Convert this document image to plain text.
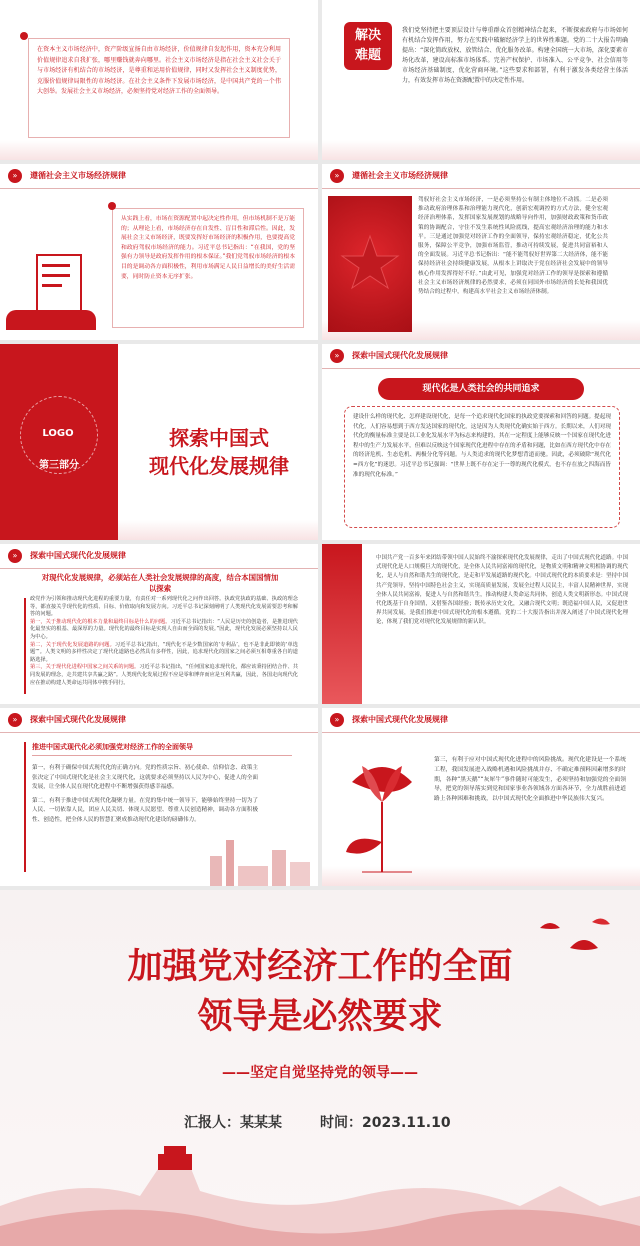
在资本主义市场经济中，资产阶级宣扬自由市场经济，价值规律自发起作用，资本充分利用价值规律追求自我扩张，哪里赚钱就奔向哪里。社会主义市场经济是指在社会主义社会关于与市场经济有机结合的市场经济，是尊重和运用价值规律，同时又发挥社会主义制度优势，克服价值规律局限性的市场经济。在社会主义条件下发展市场经济，是中国共产党的一个伟大创举。发展社会主义市场经济，必须坚持党对经济工作的全面领导。
解决难题
我们党坚持把主要顶层设计与尊重群众首创精神结合起来，不断探索政府与市场如何有机结合发挥作用，努力在实践中破解经济学上的世界性难题。党的二十大报告明确提出：“深化简政放权、放管结合、优化服务改革。构建全国统一大市场，深化要素市场化改革，建设高标准市场体系。完善产权保护、市场准入、公平竞争、社会信用等市场经济基础制度，优化营商环境。”这些要求和部署，有利于激发各类经营主体活力，有效发挥市场在资源配置中的决定性作用。
»	遵循社会主义市场经济规律
从实践上看，市场在资源配置中起决定性作用，但市场机制不是万能的；从理论上看，市场经济存在自发性、盲目性和滞后性。因此，发展社会主义市场经济，既要发挥好市场经济的积极作用，也要提高党和政府驾驭市场经济的能力。习近平总书记指出：“在我国，党的坚强有力领导是政府发挥作用的根本保证。”我们党驾驭市场经济的根本目的是调动各方面积极性，利用市场满足人民日益增长的美好生活需要，同时防止资本无序扩张。
»	遵循社会主义市场经济规律
驾驭好社会主义市场经济，一是必须坚持公有制主体地位不动摇。二是必须推动政府治理体系和治理能力现代化，创新宏观调控的方式方法，健全宏观经济治理体系，发挥国家发展规划的战略导向作用，加强财政政策和货币政策的协调配合，守住不发生系统性风险底线，提高宏观经济治理的能力和水平。三是通过加强党对经济工作的全面领导，保持宏观经济稳定，优化公共服务，保障公平竞争，加强市场监管，推动可持续发展，促进共同富裕和人的全面发展。习近平总书记指出：“能不能驾驭好世界第二大经济体，能不能保持经济社会持续健康发展，从根本上讲取决于党在经济社会发展中的领导核心作用发挥得好不好。”由此可见，加强党对经济工作的领导是探索和遵循社会主义市场经济规律的必然要求，必须在同国外市场经济的长处和我国优势结合的过程中，构建高水平社会主义市场经济体制。
LOGO
第三部分
探索中国式
现代化发展规律
»	探索中国式现代化发展规律
现代化是人类社会的共同追求
建设什么样的现代化、怎样建设现代化，是每一个追求现代化国家的执政党要探索和回答的问题。提起现代化，人们容易想到于西方发达国家的现代化，这是因为人类现代化确实始于西方。长期以来，人们对现代化的衡量标准主要是以工业化发展水平为标志来构建的，其在一定程度上能够反映一个国家在现代化进程中的生产力发展水平，但难以反映这个国家现代化进程中存在的矛盾和问题，比如在西方现代化中存在的经济危机、生态危机、两极分化等问题。与人类追求的现代化梦想背道而驰。因此，必须破除“现代化=西方化”的迷思。习近平总书记强调：“世界上既不存在定于一尊的现代化模式，也不存在放之四海而皆准的现代化标准。”
»	探索中国式现代化发展规律
对现代化发展规律，必须站在人类社会发展规律的高度，结合本国国情加以探索
政党作为引领和推动现代化进程的重要力量，有责任对一系列现代化之问作出回答。执政党执政的基础、执政的理念等，都直接关乎现代化的性质、目标、价值取向和发展方向。习近平总书记深刻阐明了人类现代化发展需要思考和解答的问题。
第一，关于推动现代化的根本力量和最终目标是什么的问题。习近平总书记指出：“人民是历史的创造者，是推进现代化最坚实的根基、最深厚的力量。现代化的最终目标是实现人自由而全面的发展。”因此，现代化发展必须坚持以人民为中心。
第二，关于现代化发展道路的问题。习近平总书记指出，“现代化不是少数国家的‘专利品’，也不是非此即彼的‘单选题’”。人类文明的多样性决定了现代化道路也必然具有多样性，因此，追求现代化的国家之间必须互相尊重各自的道路选择。
第三，关于现代化进程中国家之间关系的问题。习近平总书记指出，“任何国家追求现代化，都应该秉持团结合作、共同发展的理念，走共建共享共赢之路”。人类现代化发展过程不应是零和博弈而应是互利共赢，因此，各国走向现代化应在推动构建人类命运共同体中携手同行。
中国共产党一百多年来团结带领中国人民始终不渝探索现代化发展规律，走出了中国式现代化道路。中国式现代化是人口规模巨大的现代化，是全体人民共同富裕的现代化，是物质文明和精神文明相协调的现代化，是人与自然和谐共生的现代化，是走和平发展道路的现代化。中国式现代化的本质要求是：坚持中国共产党领导，坚持中国特色社会主义，实现高质量发展，发展全过程人民民主，丰富人民精神世界，实现全体人民共同富裕，促进人与自然和谐共生，推动构建人类命运共同体，创造人类文明新形态。中国式现代化既基于自身国情，又借鉴各国经验；既传承历史文化，又融合现代文明；既造福中国人民，又促进世界共同发展，是我们推进中国式现代化的根本遵循。党的二十大报告指出并深入阐述了中国式现代化理论，体现了我们党对现代化发展规律的新认识。
»	探索中国式现代化发展规律
推进中国式现代化必须加强党对经济工作的全面领导
第一，有利于确保中国式现代化的正确方向。党的性质宗旨、初心使命、信仰信念、政策主张决定了中国式现代化是社会主义现代化，这就要求必须坚持以人民为中心，促进人的全面发展，让全体人民在现代化进程中不断增强获得感幸福感。
第二，有利于推进中国式现代化凝聚力量。在党的集中统一领导下，能够始终坚持一切为了人民、一切依靠人民，团应人民关切、体现人民愿望、尊重人民创造精神，调动各方面积极性、创造性，把全体人民的智慧汇聚成推动现代化建设的磅礴伟力。
»	探索中国式现代化发展规律
第三，有利于应对中国式现代化进程中的风险挑战。现代化建设是一个系统工程，我国发展进入战略机遇和风险挑战并存、不确定难预料因素增多的时期，各种“黑天鹅”“灰犀牛”事件随时可能发生，必须坚持和加强党的全面领导，把党的领导落实到党和国家事业各领域各方面各环节，全力战胜前进道路上各种困难和挑战，以中国式现代化全面推进中华民族伟大复兴。
加强党对经济工作的全面
领导是必然要求
——坚定自觉坚持党的领导——
汇报人：某某某	时间：2023.11.10
